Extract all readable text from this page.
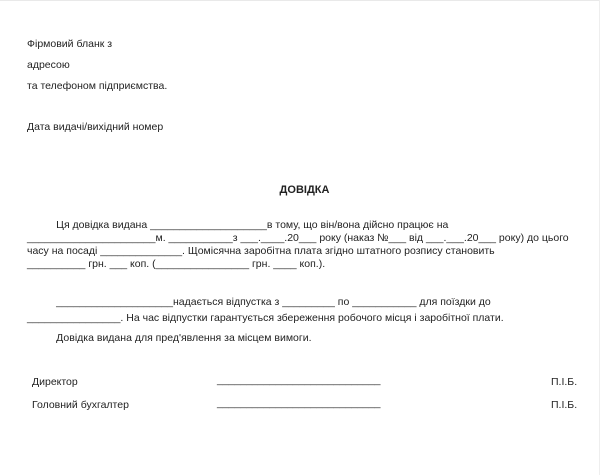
Фірмовий бланк з
адресою
та телефоном підприємства.
Дата видачі/вихідний номер
ДОВІДКА
Ця довідка видана ____________________в тому, що він/вона дійсно працює на
______________________м. ___________з ___.____.20___ року (наказ №___ від ___.___.20___ року) до цього
часу на посаді ______________. Щомісячна заробітна плата згідно штатного розпису становить
__________ грн. ___ коп. (________________ грн. ____ коп.).
____________________надається відпустка з _________ по ___________ для поїздки до
________________. На час відпустки гарантується збереження робочого місця і заробітної плати.
Довідка видана для пред'явлення за місцем вимоги.
Директор	____________________________	П.І.Б.
Головний бухгалтер	____________________________	П.І.Б.
